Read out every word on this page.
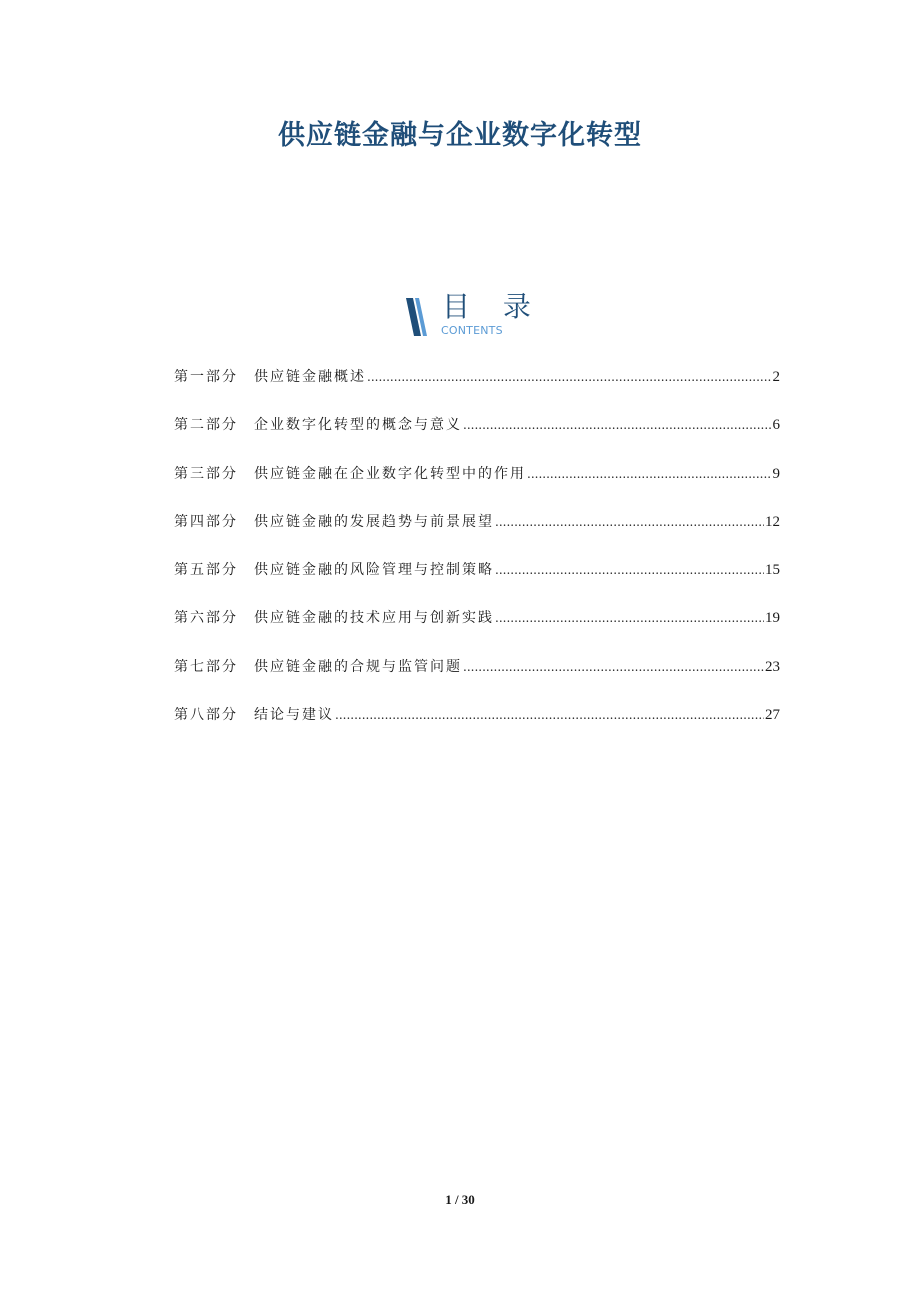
供应链金融与企业数字化转型
目 录
CONTENTS
第一部分	供应链金融概述 .....	2
第二部分	企业数字化转型的概念与意义 .....	6
第三部分	供应链金融在企业数字化转型中的作用 .....	9
第四部分	供应链金融的发展趋势与前景展望 .....	12
第五部分	供应链金融的风险管理与控制策略 .....	15
第六部分	供应链金融的技术应用与创新实践 .....	19
第七部分	供应链金融的合规与监管问题 .....	23
第八部分	结论与建议 .....	27
1 / 30
